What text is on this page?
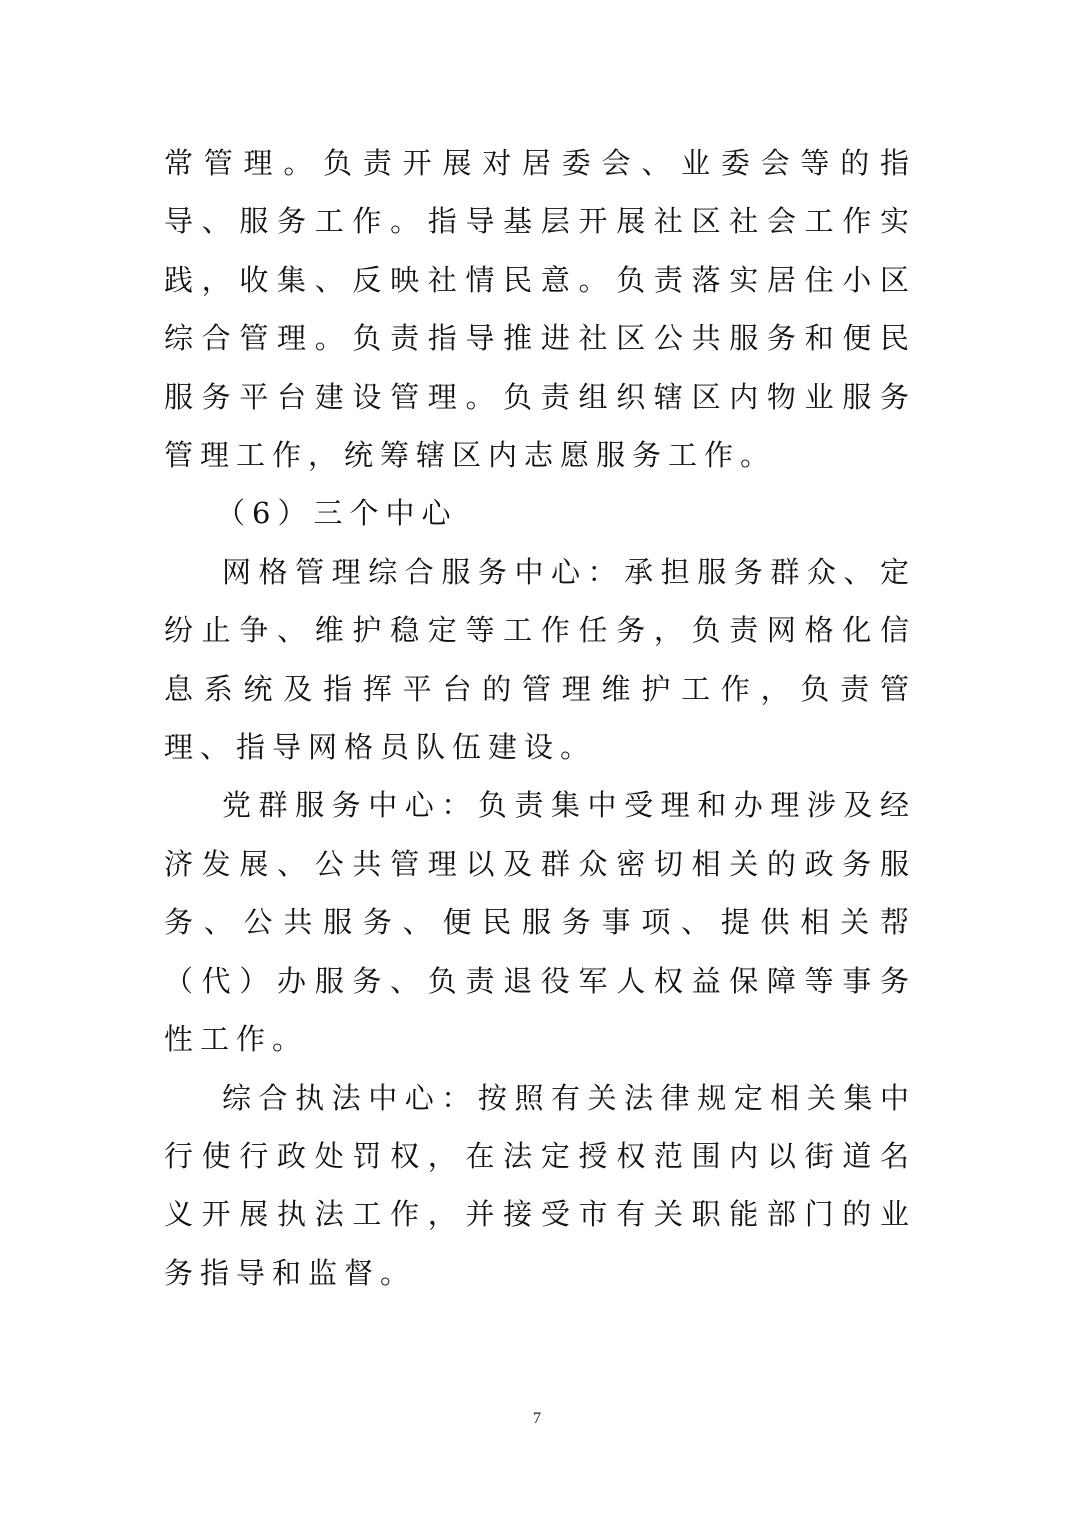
常管理。负责开展对居委会、业委会等的指导、服务工作。指导基层开展社区社会工作实践，收集、反映社情民意。负责落实居住小区综合管理。负责指导推进社区公共服务和便民服务平台建设管理。负责组织辖区内物业服务管理工作，统筹辖区内志愿服务工作。

（6）三个中心

网格管理综合服务中心：承担服务群众、定纷止争、维护稳定等工作任务，负责网格化信息系统及指挥平台的管理维护工作，负责管理、指导网格员队伍建设。

党群服务中心：负责集中受理和办理涉及经济发展、公共管理以及群众密切相关的政务服务、公共服务、便民服务事项、提供相关帮（代）办服务、负责退役军人权益保障等事务性工作。

综合执法中心：按照有关法律规定相关集中行使行政处罚权，在法定授权范围内以街道名义开展执法工作，并接受市有关职能部门的业务指导和监督。

7
